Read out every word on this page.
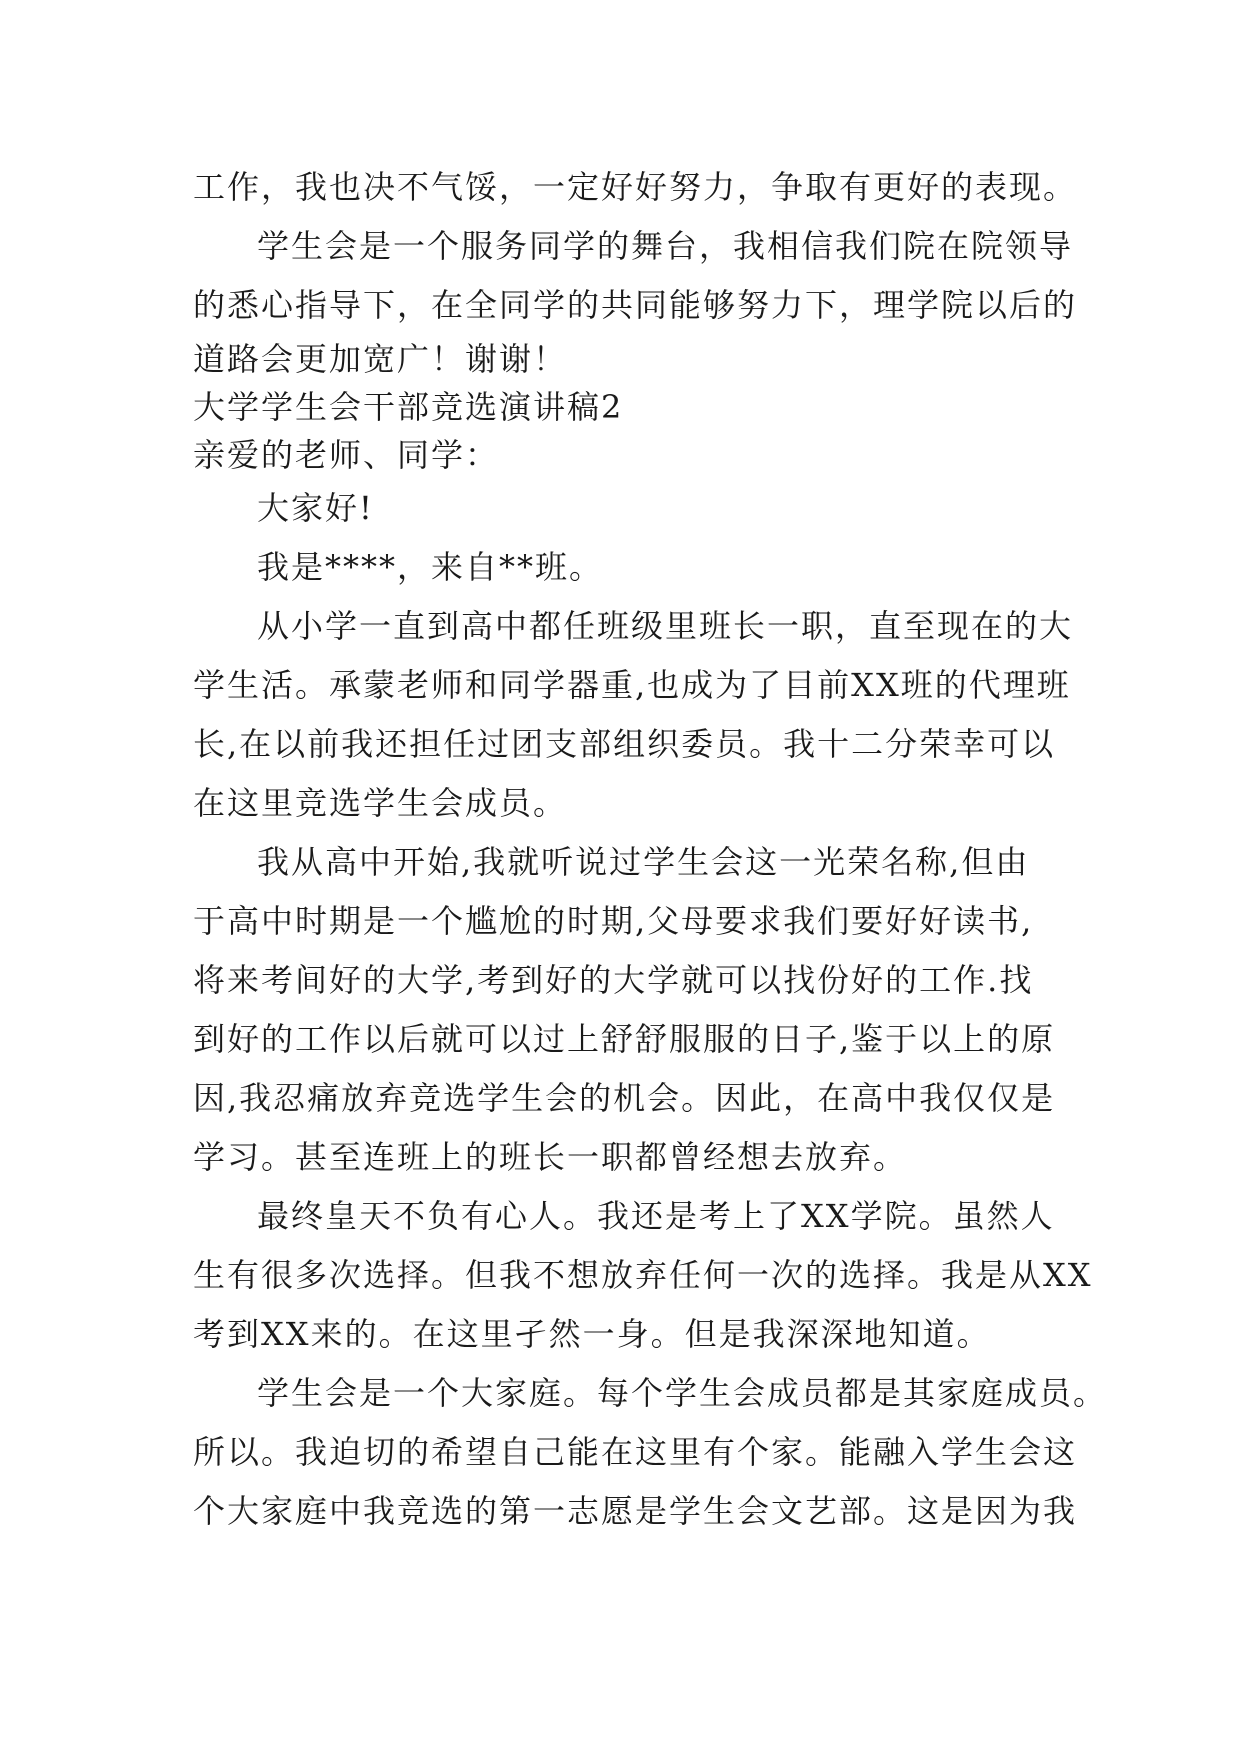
工作，我也决不气馁，一定好好努力，争取有更好的表现。

学生会是一个服务同学的舞台，我相信我们院在院领导

的悉心指导下，在全同学的共同能够努力下，理学院以后的

道路会更加宽广！谢谢！

大学学生会干部竞选演讲稿2

亲爱的老师、同学：

大家好!

我是****，来自**班。

从小学一直到高中都任班级里班长一职，直至现在的大

学生活。承蒙老师和同学器重,也成为了目前XX班的代理班

长,在以前我还担任过团支部组织委员。我十二分荣幸可以

在这里竞选学生会成员。

我从高中开始,我就听说过学生会这一光荣名称,但由

于高中时期是一个尴尬的时期,父母要求我们要好好读书,

将来考间好的大学,考到好的大学就可以找份好的工作.找

到好的工作以后就可以过上舒舒服服的日子,鉴于以上的原

因,我忍痛放弃竞选学生会的机会。因此，在高中我仅仅是

学习。甚至连班上的班长一职都曾经想去放弃。

最终皇天不负有心人。我还是考上了XX学院。虽然人

生有很多次选择。但我不想放弃任何一次的选择。我是从XX

考到XX来的。在这里孑然一身。但是我深深地知道。

学生会是一个大家庭。每个学生会成员都是其家庭成员。

所以。我迫切的希望自己能在这里有个家。能融入学生会这

个大家庭中我竞选的第一志愿是学生会文艺部。这是因为我
